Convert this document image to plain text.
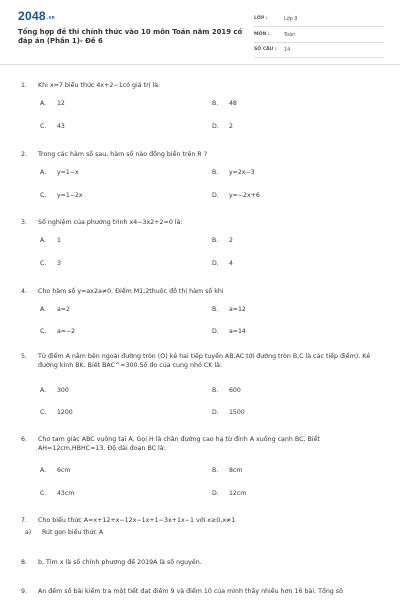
2048.vn
Tổng hợp đề thi chính thức vào 10 môn Toán năm 2019 có đáp án (Phần 1)- Đề 6
LỚP :	Lớp 9
MÔN :	Toán
SỐ CÂU : 14
1. Khi x=7 biểu thức 4x+2−1có giá trị là:
A. 12	B. 48
C. 43	D. 2
2. Trong các hàm số sau, hàm số nào đồng biến trên R ?
A. y=1−x	B. y=2x−3
C. y=1−2x	D. y=−2x+6
3. Số nghiệm của phương trình x4−3x2+2=0 là:
A. 1	B. 2
C. 3	D. 4
4. Cho hàm số y=ax2a≠0. Điểm M1;2thuộc đồ thị hàm số khi
A. a=2	B. a=12
C. a=−2	D. a=14
5. Từ điểm A nằm bên ngoài đường tròn (O) kẻ hai tiếp tuyến AB,AC tới đường tròn B,C là các tiếp điểm). Kẻ đường kính BK. Biết BAC^=300.Số đo của cung nhỏ CK là:
A. 300	B. 600
C. 1200	D. 1500
6. Cho tam giác ABC vuông tại A. Gọi H là chân đường cao hạ từ đỉnh A xuống cạnh BC, Biết AH=12cm,HBHC=13. Độ dài đoạn BC là:
A. 6cm	B. 8cm
C. 43cm	D. 12cm
7. Cho biểu thức A=x+12+x−12x−1x+1−3x+1x−1 với x≥0,x≠1
a) Rút gọn biểu thức A
8. b, Tìm x là số chính phương để 2019A là số nguyên.
9. An đếm số bài kiểm tra một tiết đạt điểm 9 và điểm 10 của mình thấy nhiều hơn 16 bài. Tổng số
